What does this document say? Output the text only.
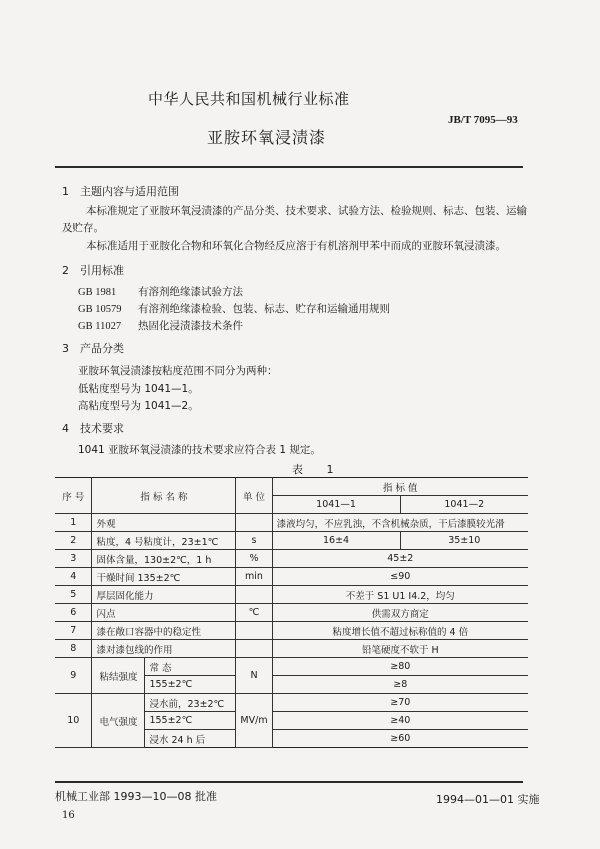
中华人民共和国机械行业标准
JB/T 7095—93
亚胺环氧浸渍漆
1 主题内容与适用范围
本标准规定了亚胺环氧浸渍漆的产品分类、技术要求、试验方法、检验规则、标志、包装、运输及贮存。
本标准适用于亚胺化合物和环氧化合物经反应溶于有机溶剂甲苯中而成的亚胺环氧浸渍漆。
2 引用标准
GB 1981 有溶剂绝缘漆试验方法
GB 10579 有溶剂绝缘漆检验、包装、标志、贮存和运输通用规则
GB 11027 热固化浸渍漆技术条件
3 产品分类
亚胺环氧浸渍漆按粘度范围不同分为两种：
低粘度型号为 1041—1。
高粘度型号为 1041—2。
4 技术要求
1041 亚胺环氧浸渍漆的技术要求应符合表 1 规定。
表 1
序 号	指 标 名 称		单 位	指 标 值	
				1041—1	1041—2
1	外观			漆液均匀，不应乳浊，不含机械杂质，干后漆膜较光滑	
2	粘度，4 号粘度计，23±1℃		s	16±4	35±10
3	固体含量，130±2℃，1 h		%	45±2	
4	干燥时间 135±2℃		min	≤90	
5	厚层固化能力			不差于 S1 U1 I4.2，均匀	
6	闪点		℃	供需双方商定	
7	漆在敞口容器中的稳定性			粘度增长值不超过标称值的 4 倍	
8	漆对漆包线的作用			铅笔硬度不软于 H	
9	粘结强度	常 态	N	≥80	
		155±2℃		≥8	
10	电气强度	浸水前，23±2℃	MV/m	≥70	
		155±2℃		≥40	
		浸水 24 h 后		≥60	
机械工业部 1993—10—08 批准	1994—01—01 实施
16
